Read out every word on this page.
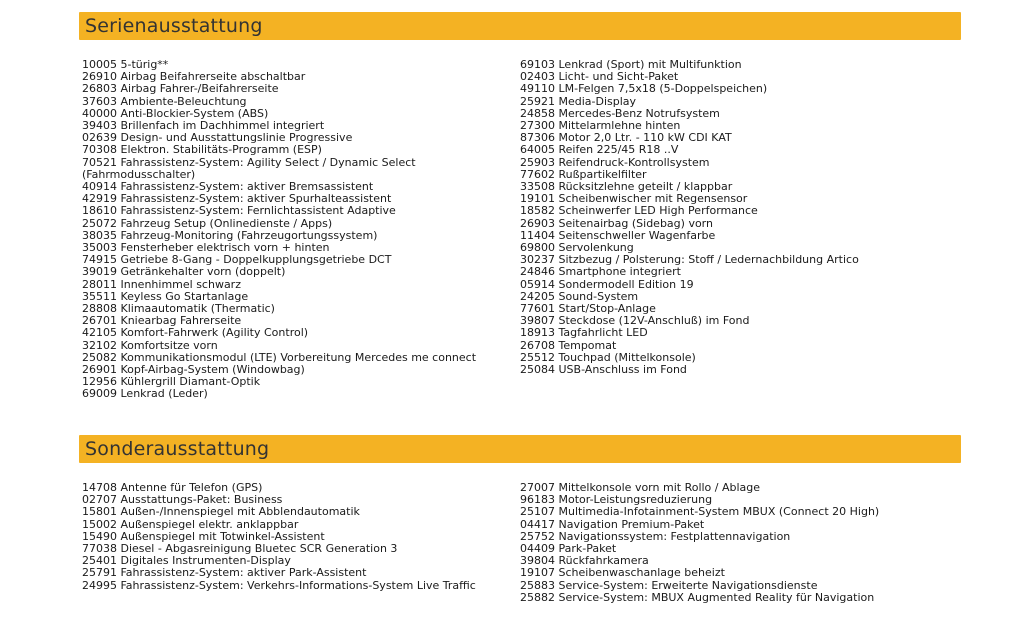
Serienausstattung
10005 5-türig**
26910 Airbag Beifahrerseite abschaltbar
26803 Airbag Fahrer-/Beifahrerseite
37603 Ambiente-Beleuchtung
40000 Anti-Blockier-System (ABS)
39403 Brillenfach im Dachhimmel integriert
02639 Design- und Ausstattungslinie Progressive
70308 Elektron. Stabilitäts-Programm (ESP)
70521 Fahrassistenz-System: Agility Select / Dynamic Select (Fahrmodusschalter)
40914 Fahrassistenz-System: aktiver Bremsassistent
42919 Fahrassistenz-System: aktiver Spurhalteassistent
18610 Fahrassistenz-System: Fernlichtassistent Adaptive
25072 Fahrzeug Setup (Onlinedienste / Apps)
38035 Fahrzeug-Monitoring (Fahrzeugortungssystem)
35003 Fensterheber elektrisch vorn + hinten
74915 Getriebe 8-Gang - Doppelkupplungsgetriebe DCT
39019 Getränkehalter vorn (doppelt)
28011 Innenhimmel schwarz
35511 Keyless Go Startanlage
28808 Klimaautomatik (Thermatic)
26701 Kniearbag Fahrerseite
42105 Komfort-Fahrwerk (Agility Control)
32102 Komfortsitze vorn
25082 Kommunikationsmodul (LTE) Vorbereitung Mercedes me connect
26901 Kopf-Airbag-System (Windowbag)
12956 Kühlergrill Diamant-Optik
69009 Lenkrad (Leder)
69103 Lenkrad (Sport) mit Multifunktion
02403 Licht- und Sicht-Paket
49110 LM-Felgen 7,5x18 (5-Doppelspeichen)
25921 Media-Display
24858 Mercedes-Benz Notrufsystem
27300 Mittelarmlehne hinten
87306 Motor 2,0 Ltr. - 110 kW CDI KAT
64005 Reifen 225/45 R18 ..V
25903 Reifendruck-Kontrollsystem
77602 Rußpartikelfilter
33508 Rücksitzlehne geteilt / klappbar
19101 Scheibenwischer mit Regensensor
18582 Scheinwerfer LED High Performance
26903 Seitenairbag (Sidebag) vorn
11404 Seitenschweller Wagenfarbe
69800 Servolenkung
30237 Sitzbezug / Polsterung: Stoff / Ledernachbildung Artico
24846 Smartphone integriert
05914 Sondermodell Edition 19
24205 Sound-System
77601 Start/Stop-Anlage
39807 Steckdose (12V-Anschluß) im Fond
18913 Tagfahrlicht LED
26708 Tempomat
25512 Touchpad (Mittelkonsole)
25084 USB-Anschluss im Fond
Sonderausstattung
14708 Antenne für Telefon (GPS)
02707 Ausstattungs-Paket: Business
15801 Außen-/Innenspiegel mit Abblendautomatik
15002 Außenspiegel elektr. anklappbar
15490 Außenspiegel mit Totwinkel-Assistent
77038 Diesel - Abgasreinigung Bluetec SCR Generation 3
25401 Digitales Instrumenten-Display
25791 Fahrassistenz-System: aktiver Park-Assistent
24995 Fahrassistenz-System: Verkehrs-Informations-System Live Traffic
27007 Mittelkonsole vorn mit Rollo / Ablage
96183 Motor-Leistungsreduzierung
25107 Multimedia-Infotainment-System MBUX (Connect 20 High)
04417 Navigation Premium-Paket
25752 Navigationssystem: Festplattennavigation
04409 Park-Paket
39804 Rückfahrkamera
19107 Scheibenwaschanlage beheizt
25883 Service-System: Erweiterte Navigationsdienste
25882 Service-System: MBUX Augmented Reality für Navigation
